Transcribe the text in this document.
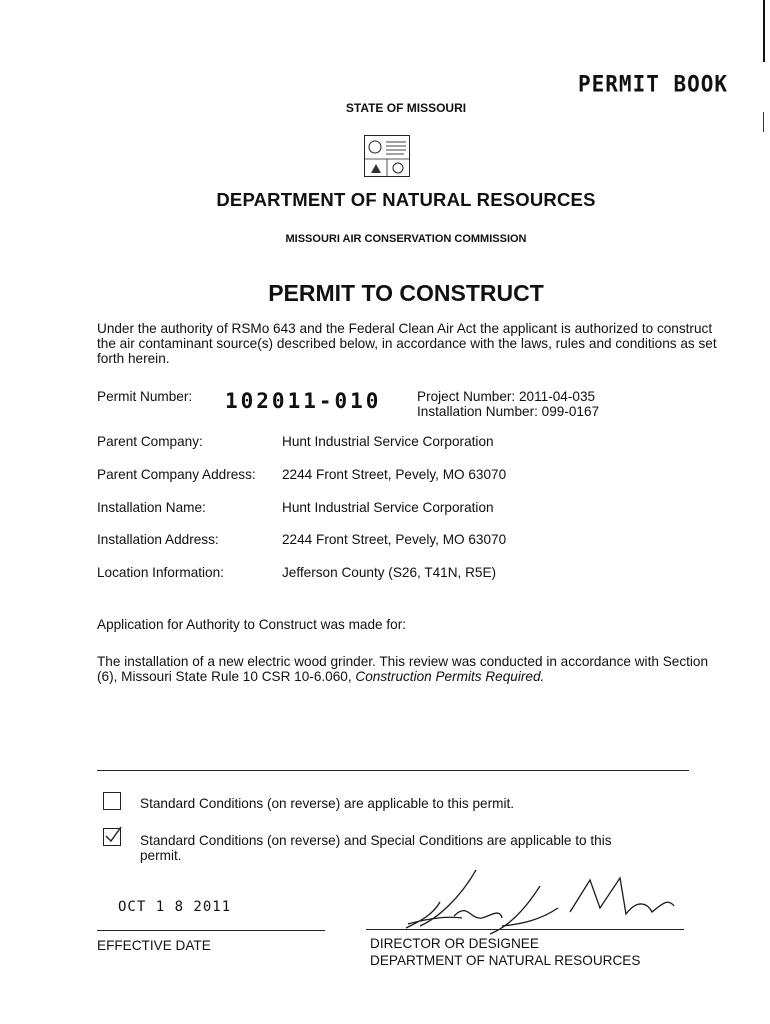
PERMIT BOOK
STATE OF MISSOURI
DEPARTMENT OF NATURAL RESOURCES
MISSOURI AIR CONSERVATION COMMISSION
PERMIT TO CONSTRUCT
Under the authority of RSMo 643 and the Federal Clean Air Act the applicant is authorized to construct the air contaminant source(s) described below, in accordance with the laws, rules and conditions as set forth herein.
Permit Number: 102011-010	Project Number: 2011-04-035
Installation Number: 099-0167
Parent Company:	Hunt Industrial Service Corporation
Parent Company Address: 2244 Front Street, Pevely, MO 63070
Installation Name:	Hunt Industrial Service Corporation
Installation Address:	2244 Front Street, Pevely, MO 63070
Location Information:	Jefferson County (S26, T41N, R5E)
Application for Authority to Construct was made for:
The installation of a new electric wood grinder. This review was conducted in accordance with Section (6), Missouri State Rule 10 CSR 10-6.060, Construction Permits Required.
Standard Conditions (on reverse) are applicable to this permit.
Standard Conditions (on reverse) and Special Conditions are applicable to this permit.
OCT 1 8 2011
EFFECTIVE DATE	DIRECTOR OR DESIGNEE
DEPARTMENT OF NATURAL RESOURCES
